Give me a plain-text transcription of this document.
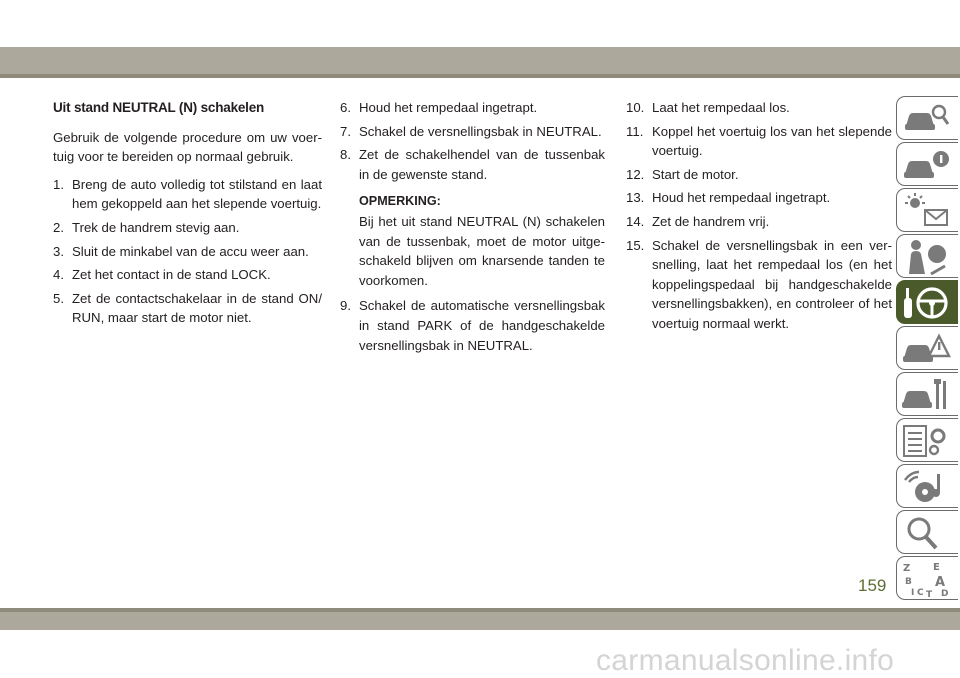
Uit stand NEUTRAL (N) schakelen
Gebruik de volgende procedure om uw voer-tuig voor te bereiden op normaal gebruik.
1. Breng de auto volledig tot stilstand en laat hem gekoppeld aan het slepende voertuig.
2. Trek de handrem stevig aan.
3. Sluit de minkabel van de accu weer aan.
4. Zet het contact in de stand LOCK.
5. Zet de contactschakelaar in de stand ON/ RUN, maar start de motor niet.
6. Houd het rempedaal ingetrapt.
7. Schakel de versnellingsbak in NEUTRAL.
8. Zet de schakelhendel van de tussenbak in de gewenste stand.
OPMERKING:
Bij het uit stand NEUTRAL (N) schakelen van de tussenbak, moet de motor uitge-schakeld blijven om knarsende tanden te voorkomen.
9. Schakel de automatische versnellingsbak in stand PARK of de handgeschakelde versnellingsbak in NEUTRAL.
10. Laat het rempedaal los.
11. Koppel het voertuig los van het slepende voertuig.
12. Start de motor.
13. Houd het rempedaal ingetrapt.
14. Zet de handrem vrij.
15. Schakel de versnellingsbak in een ver-snelling, laat het rempedaal los (en het koppelingspedaal bij handgeschakelde versnellingsbakken), en controleer of het voertuig normaal werkt.
Z E
B A
I C T D
159
carmanualsonline.info
